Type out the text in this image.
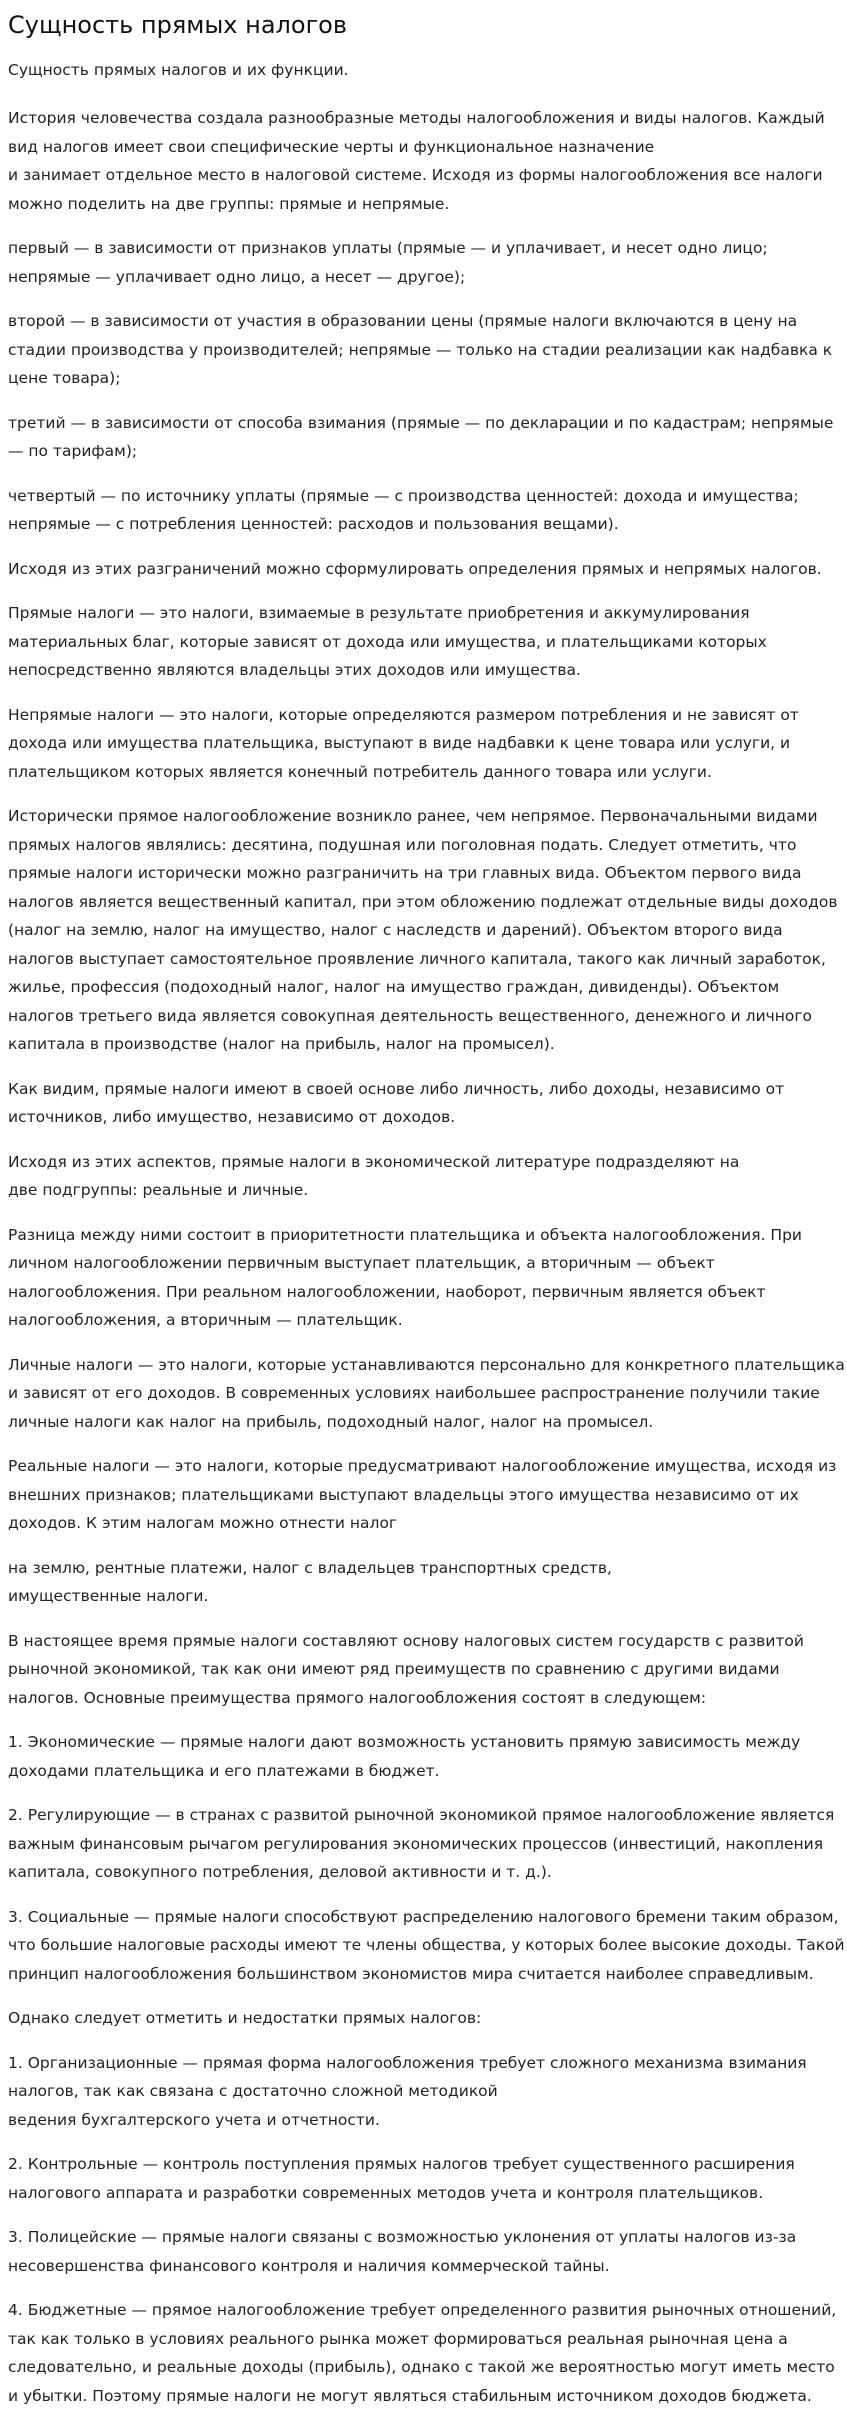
Сущность прямых налогов
Сущность прямых налогов и их функции.

История человечества создала разнообразные методы налогообложения и виды налогов. Каждый вид налогов имеет свои специфические черты и функциональное назначение
и занимает отдельное место в налоговой системе. Исходя из формы налогообложения все налоги можно поделить на две группы: прямые и непрямые.

первый — в зависимости от признаков уплаты (прямые — и уплачивает, и несет одно лицо; непрямые — уплачивает одно лицо, а несет — другое);

второй — в зависимости от участия в образовании цены (прямые налоги включаются в цену на стадии производства у производителей; непрямые — только на стадии реализации как надбавка к цене товара);

третий — в зависимости от способа взимания (прямые — по декларации и по кадастрам; непрямые — по тарифам);

четвертый — по источнику уплаты (прямые — с производства ценностей: дохода и имущества; непрямые — с потребления ценностей: расходов и пользования вещами).

Исходя из этих разграничений можно сформулировать определения прямых и непрямых налогов.

Прямые налоги — это налоги, взимаемые в результате приобретения и аккумулирования материальных благ, которые зависят от дохода или имущества, и плательщиками которых непосредственно являются владельцы этих доходов или имущества.

Непрямые налоги — это налоги, которые определяются размером потребления и не зависят от дохода или имущества плательщика, выступают в виде надбавки к цене товара или услуги, и плательщиком которых является конечный потребитель данного товара или услуги.

Исторически прямое налогообложение возникло ранее, чем непрямое. Первоначальными видами прямых налогов являлись: десятина, подушная или поголовная подать. Следует отметить, что прямые налоги исторически можно разграничить на три главных вида. Объектом первого вида налогов является вещественный капитал, при этом обложению подлежат отдельные виды доходов (налог на землю, налог на имущество, налог с наследств и дарений). Объектом второго вида налогов выступает самостоятельное проявление личного капитала, такого как личный заработок, жилье, профессия (подоходный налог, налог на имущество граждан, дивиденды). Объектом налогов третьего вида является совокупная деятельность вещественного, денежного и личного капитала в производстве (налог на прибыль, налог на промысел).

Как видим, прямые налоги имеют в своей основе либо личность, либо доходы, независимо от источников, либо имущество, независимо от доходов.

Исходя из этих аспектов, прямые налоги в экономической литературе подразделяют на
две подгруппы: реальные и личные.

Разница между ними состоит в приоритетности плательщика и объекта налогообложения. При личном налогообложении первичным выступает плательщик, а вторичным — объект налогообложения. При реальном налогообложении, наоборот, первичным является объект налогообложения, а вторичным — плательщик.

Личные налоги — это налоги, которые устанавливаются персонально для конкретного плательщика и зависят от его доходов. В современных условиях наибольшее распространение получили такие личные налоги как налог на прибыль, подоходный налог, налог на промысел.

Реальные налоги — это налоги, которые предусматривают налогообложение имущества, исходя из внешних признаков; плательщиками выступают владельцы этого имущества независимо от их доходов. К этим налогам можно отнести налог

на землю, рентные платежи, налог с владельцев транспортных средств,
имущественные налоги.

В настоящее время прямые налоги составляют основу налоговых систем государств с развитой рыночной экономикой, так как они имеют ряд преимуществ по сравнению с другими видами налогов. Основные преимущества прямого налогообложения состоят в следующем:

1. Экономические — прямые налоги дают возможность установить прямую зависимость между доходами плательщика и его платежами в бюджет.

2. Регулирующие — в странах с развитой рыночной экономикой прямое налогообложение является важным финансовым рычагом регулирования экономических процессов (инвестиций, накопления капитала, совокупного потребления, деловой активности и т. д.).

3. Социальные — прямые налоги способствуют распределению налогового бремени таким образом, что большие налоговые расходы имеют те члены общества, у которых более высокие доходы. Такой принцип налогообложения большинством экономистов мира считается наиболее справедливым.

Однако следует отметить и недостатки прямых налогов:

1. Организационные — прямая форма налогообложения требует сложного механизма взимания налогов, так как связана с достаточно сложной методикой
ведения бухгалтерского учета и отчетности.

2. Контрольные — контроль поступления прямых налогов требует существенного расширения налогового аппарата и разработки современных методов учета и контроля плательщиков.

3. Полицейские — прямые налоги связаны с возможностью уклонения от уплаты налогов из-за несовершенства финансового контроля и наличия коммерческой тайны.

4. Бюджетные — прямое налогообложение требует определенного развития рыночных отношений, так как только в условиях реального рынка может формироваться реальная рыночная цена а следовательно, и реальные доходы (прибыль), однако с такой же вероятностью могут иметь место и убытки. Поэтому прямые налоги не могут являться стабильным источником доходов бюджета.
